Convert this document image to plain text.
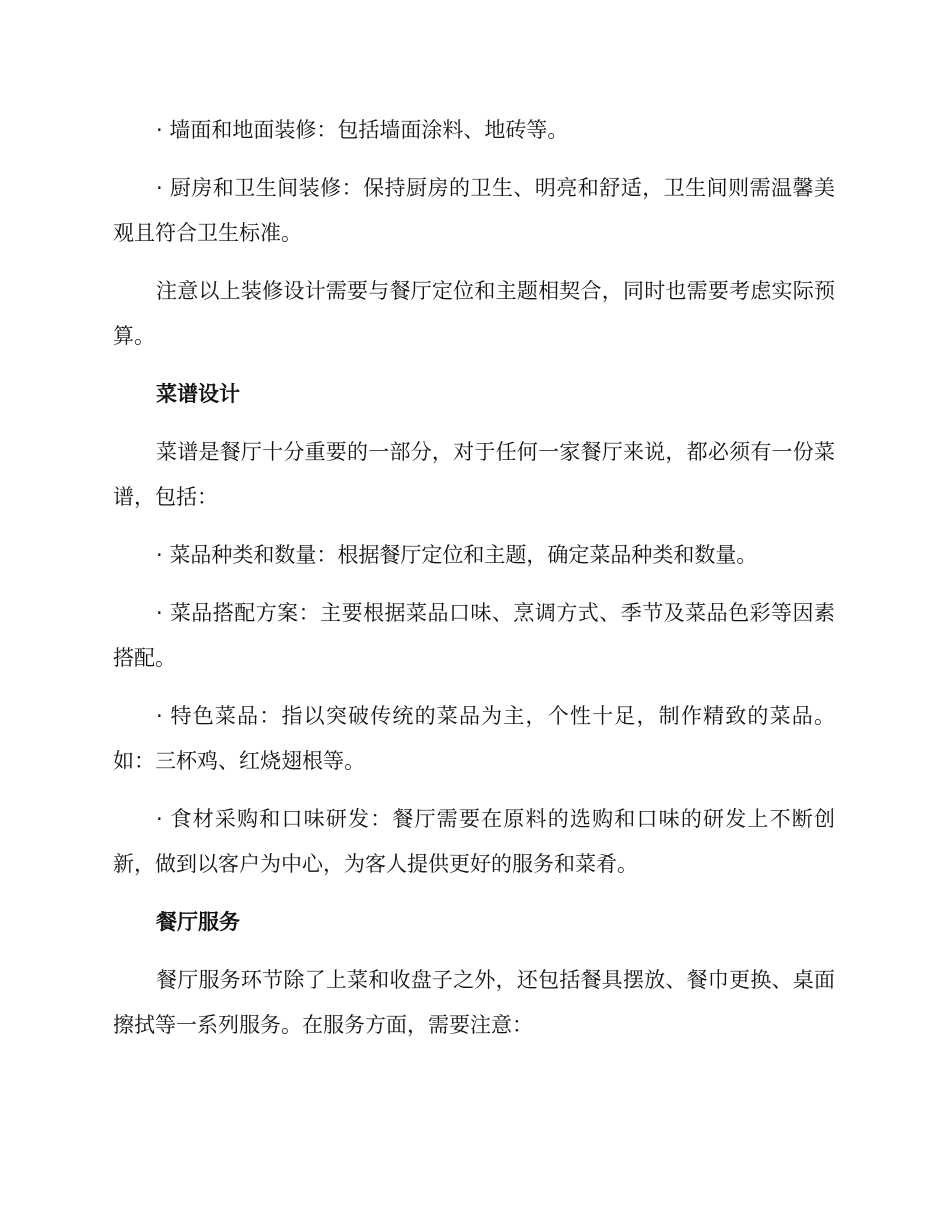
· 墙面和地面装修：包括墙面涂料、地砖等。

· 厨房和卫生间装修：保持厨房的卫生、明亮和舒适，卫生间则需温馨美观且符合卫生标准。

注意以上装修设计需要与餐厅定位和主题相契合，同时也需要考虑实际预算。

菜谱设计

菜谱是餐厅十分重要的一部分，对于任何一家餐厅来说，都必须有一份菜谱，包括：

· 菜品种类和数量：根据餐厅定位和主题，确定菜品种类和数量。

· 菜品搭配方案：主要根据菜品口味、烹调方式、季节及菜品色彩等因素搭配。

· 特色菜品：指以突破传统的菜品为主，个性十足，制作精致的菜品。如：三杯鸡、红烧翅根等。

· 食材采购和口味研发：餐厅需要在原料的选购和口味的研发上不断创新，做到以客户为中心，为客人提供更好的服务和菜肴。

餐厅服务

餐厅服务环节除了上菜和收盘子之外，还包括餐具摆放、餐巾更换、桌面擦拭等一系列服务。在服务方面，需要注意：
